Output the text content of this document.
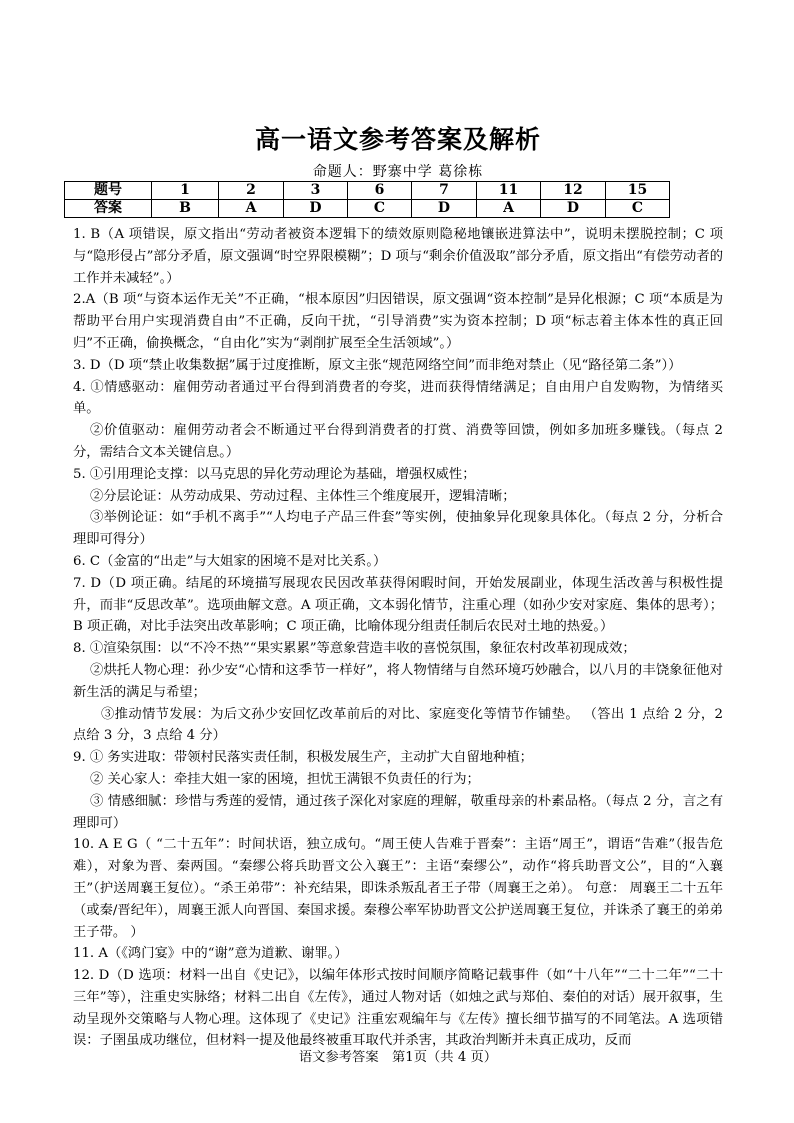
高一语文参考答案及解析
命题人：野寨中学 葛徐栋
题号	1	2	3	6	7	11	12	15
答案	B	A	D	C	D	A	D	C

1. B（A 项错误，原文指出“劳动者被资本逻辑下的绩效原则隐秘地镶嵌进算法中”，说明未摆脱控制；C 项与“隐形侵占”部分矛盾，原文强调“时空界限模糊”；D 项与“剩余价值汲取”部分矛盾，原文指出“有偿劳动者的工作并未减轻”。）

2.A（B 项“与资本运作无关”不正确，“根本原因”归因错误，原文强调“资本控制”是异化根源；C 项“本质是为帮助平台用户实现消费自由”不正确，反向干扰，“引导消费”实为资本控制；D 项“标志着主体本性的真正回归”不正确，偷换概念，“自由化”实为“剥削扩展至全生活领域”。）

3. D（D 项“禁止收集数据”属于过度推断，原文主张“规范网络空间”而非绝对禁止（见“路径第二条”））

4. ①情感驱动：雇佣劳动者通过平台得到消费者的夸奖，进而获得情绪满足；自由用户自发购物，为情绪买单。

②价值驱动：雇佣劳动者会不断通过平台得到消费者的打赏、消费等回馈，例如多加班多赚钱。（每点 2 分，需结合文本关键信息。）

5. ①引用理论支撑：以马克思的异化劳动理论为基础，增强权威性；

②分层论证：从劳动成果、劳动过程、主体性三个维度展开，逻辑清晰；

③举例论证：如“手机不离手”“人均电子产品三件套”等实例，使抽象异化现象具体化。（每点 2 分，分析合理即可得分）

6. C（金富的“出走”与大姐家的困境不是对比关系。）

7. D（D 项正确。结尾的环境描写展现农民因改革获得闲暇时间，开始发展副业，体现生活改善与积极性提升，而非“反思改革”。选项曲解文意。A 项正确，文本弱化情节，注重心理（如孙少安对家庭、集体的思考）；B 项正确，对比手法突出改革影响；C 项正确，比喻体现分组责任制后农民对土地的热爱。）

8. ①渲染氛围：以“不冷不热”“果实累累”等意象营造丰收的喜悦氛围，象征农村改革初现成效；

②烘托人物心理：孙少安“心情和这季节一样好”，将人物情绪与自然环境巧妙融合，以八月的丰饶象征他对新生活的满足与希望；

③推动情节发展：为后文孙少安回忆改革前后的对比、家庭变化等情节作铺垫。 （答出 1 点给 2 分，2 点给 3 分，3 点给 4 分）

9. ① 务实进取：带领村民落实责任制，积极发展生产，主动扩大自留地种植；

② 关心家人：牵挂大姐一家的困境，担忧王满银不负责任的行为；

③ 情感细腻：珍惜与秀莲的爱情，通过孩子深化对家庭的理解，敬重母亲的朴素品格。（每点 2 分，言之有理即可）

10. A E G（ “二十五年”：时间状语，独立成句。“周王使人告难于晋秦”：主语“周王”，谓语“告难”（报告危难），对象为晋、秦两国。“秦缪公将兵助晋文公入襄王”：主语“秦缪公”，动作“将兵助晋文公”，目的“入襄王”（护送周襄王复位）。“杀王弟带”：补充结果，即诛杀叛乱者王子带（周襄王之弟）。 句意： 周襄王二十五年（或秦/晋纪年），周襄王派人向晋国、秦国求援。秦穆公率军协助晋文公护送周襄王复位，并诛杀了襄王的弟弟王子带。 ）

11. A（《鸿门宴》中的“谢”意为道歉、谢罪。）

12. D（D 选项：材料一出自《史记》，以编年体形式按时间顺序简略记载事件（如“十八年”“二十二年”“二十三年”等），注重史实脉络；材料二出自《左传》，通过人物对话（如烛之武与郑伯、秦伯的对话）展开叙事，生动呈现外交策略与人物心理。这体现了《史记》注重宏观编年与《左传》擅长细节描写的不同笔法。A 选项错误：子圉虽成功继位，但材料一提及他最终被重耳取代并杀害，其政治判断并未真正成功，反而

语文参考答案　第1页（共 4 页）
